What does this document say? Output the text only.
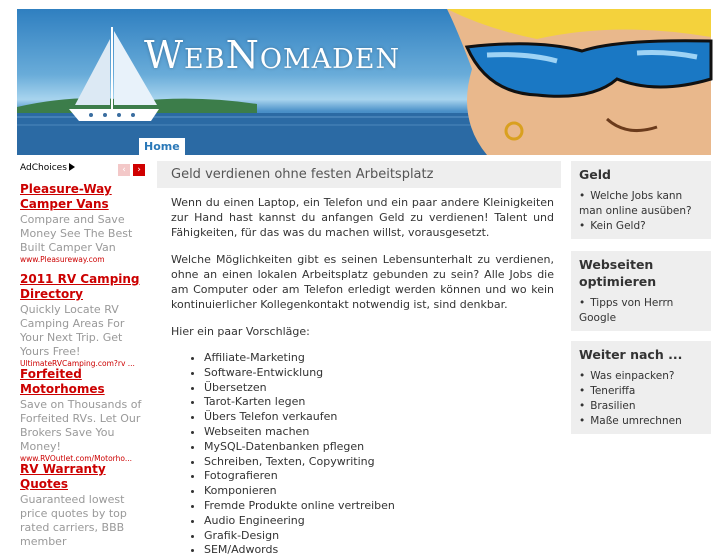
WebNomaden
Home
AdChoices	‹	›
Pleasure-Way Camper Vans
Compare and Save Money See The Best Built Camper Van
www.Pleasureway.com
2011 RV Camping Directory
Quickly Locate RV Camping Areas For Your Next Trip. Get Yours Free!
UltimateRVCamping.com?rv ...
Forfeited Motorhomes
Save on Thousands of Forfeited RVs. Let Our Brokers Save You Money!
www.RVOutlet.com/Motorho...
RV Warranty Quotes
Guaranteed lowest price quotes by top rated carriers, BBB member
Geld verdienen ohne festen Arbeitsplatz

Wenn du einen Laptop, ein Telefon und ein paar andere Kleinigkeiten zur Hand hast kannst du anfangen Geld zu verdienen! Talent und Fähigkeiten, für das was du machen willst, vorausgesetzt.

Welche Möglichkeiten gibt es seinen Lebensunterhalt zu verdienen, ohne an einen lokalen Arbeitsplatz gebunden zu sein? Alle Jobs die am Computer oder am Telefon erledigt werden können und wo kein kontinuierlicher Kollegenkontakt notwendig ist, sind denkbar.

Hier ein paar Vorschläge:

• Affiliate-Marketing
• Software-Entwicklung
• Übersetzen
• Tarot-Karten legen
• Übers Telefon verkaufen
• Webseiten machen
• MySQL-Datenbanken pflegen
• Schreiben, Texten, Copywriting
• Fotografieren
• Komponieren
• Fremde Produkte online vertreiben
• Audio Engineering
• Grafik-Design
• SEM/Adwords
Geld
• Welche Jobs kann man online ausüben?
• Kein Geld?
Webseiten optimieren
• Tipps von Herrn Google
Weiter nach ...
• Was einpacken?
• Teneriffa
• Brasilien
• Maße umrechnen
